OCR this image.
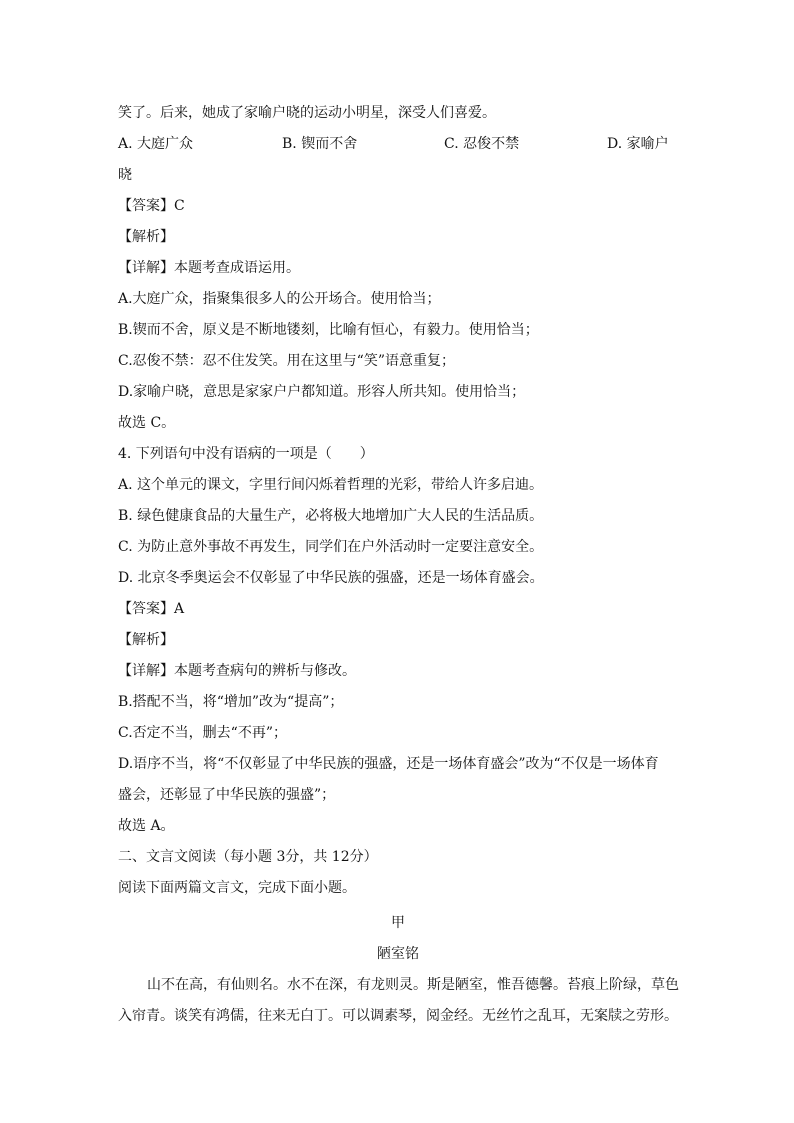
笑了。后来，她成了家喻户晓的运动小明星，深受人们喜爱。
A. 大庭广众	B. 锲而不舍	C. 忍俊不禁	D. 家喻户
晓
【答案】C
【解析】
【详解】本题考查成语运用。
A.大庭广众，指聚集很多人的公开场合。使用恰当；
B.锲而不舍，原义是不断地镂刻，比喻有恒心，有毅力。使用恰当；
C.忍俊不禁：忍不住发笑。用在这里与“笑”语意重复；
D.家喻户晓，意思是家家户户都知道。形容人所共知。使用恰当；
故选 C。
4. 下列语句中没有语病的一项是（　　）
A. 这个单元的课文，字里行间闪烁着哲理的光彩，带给人许多启迪。
B. 绿色健康食品的大量生产，必将极大地增加广大人民的生活品质。
C. 为防止意外事故不再发生，同学们在户外活动时一定要注意安全。
D. 北京冬季奥运会不仅彰显了中华民族的强盛，还是一场体育盛会。
【答案】A
【解析】
【详解】本题考查病句的辨析与修改。
B.搭配不当，将“增加”改为“提高”；
C.否定不当，删去“不再”；
D.语序不当，将“不仅彰显了中华民族的强盛，还是一场体育盛会”改为“不仅是一场体育
盛会，还彰显了中华民族的强盛”；
故选 A。
二、文言文阅读（每小题 3分，共 12分）
阅读下面两篇文言文，完成下面小题。
甲
陋室铭
山不在高，有仙则名。水不在深，有龙则灵。斯是陋室，惟吾德馨。苔痕上阶绿，草色
入帘青。谈笑有鸿儒，往来无白丁。可以调素琴，阅金经。无丝竹之乱耳，无案牍之劳形。
